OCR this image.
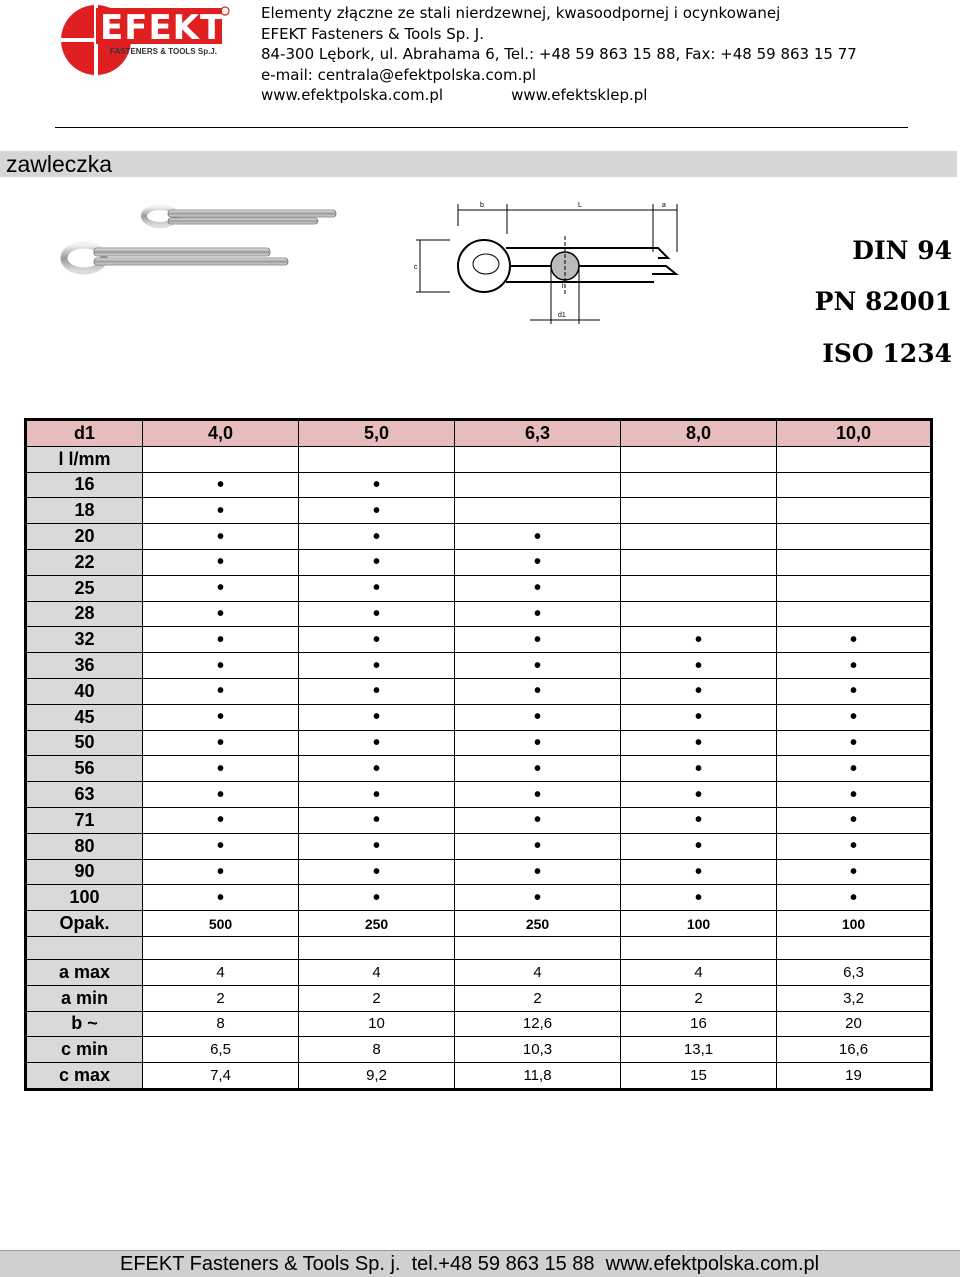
EFEKT
FASTENERS & TOOLS Sp.J.
Elementy złączne ze stali nierdzewnej, kwasoodpornej i ocynkowanej
EFEKT Fasteners & Tools Sp. J.
84-300 Lębork, ul. Abrahama 6, Tel.: +48 59 863 15 88, Fax: +48 59 863 15 77
e-mail: centrala@efektpolska.com.pl
www.efektpolska.com.pl	www.efektsklep.pl
zawleczka
b	L	a
c
l
d1
DIN 94
PN 82001
ISO 1234
d1	4,0	5,0	6,3	8,0	10,0
l l/mm					
16	•	•			
18	•	•			
20	•	•	•		
22	•	•	•		
25	•	•	•		
28	•	•	•		
32	•	•	•	•	•
36	•	•	•	•	•
40	•	•	•	•	•
45	•	•	•	•	•
50	•	•	•	•	•
56	•	•	•	•	•
63	•	•	•	•	•
71	•	•	•	•	•
80	•	•	•	•	•
90	•	•	•	•	•
100	•	•	•	•	•
Opak.	500	250	250	100	100

a max	4	4	4	4	6,3
a min	2	2	2	2	3,2
b ~	8	10	12,6	16	20
c min	6,5	8	10,3	13,1	16,6
c max	7,4	9,2	11,8	15	19
EFEKT Fasteners & Tools Sp. j.  tel.+48 59 863 15 88  www.efektpolska.com.pl
